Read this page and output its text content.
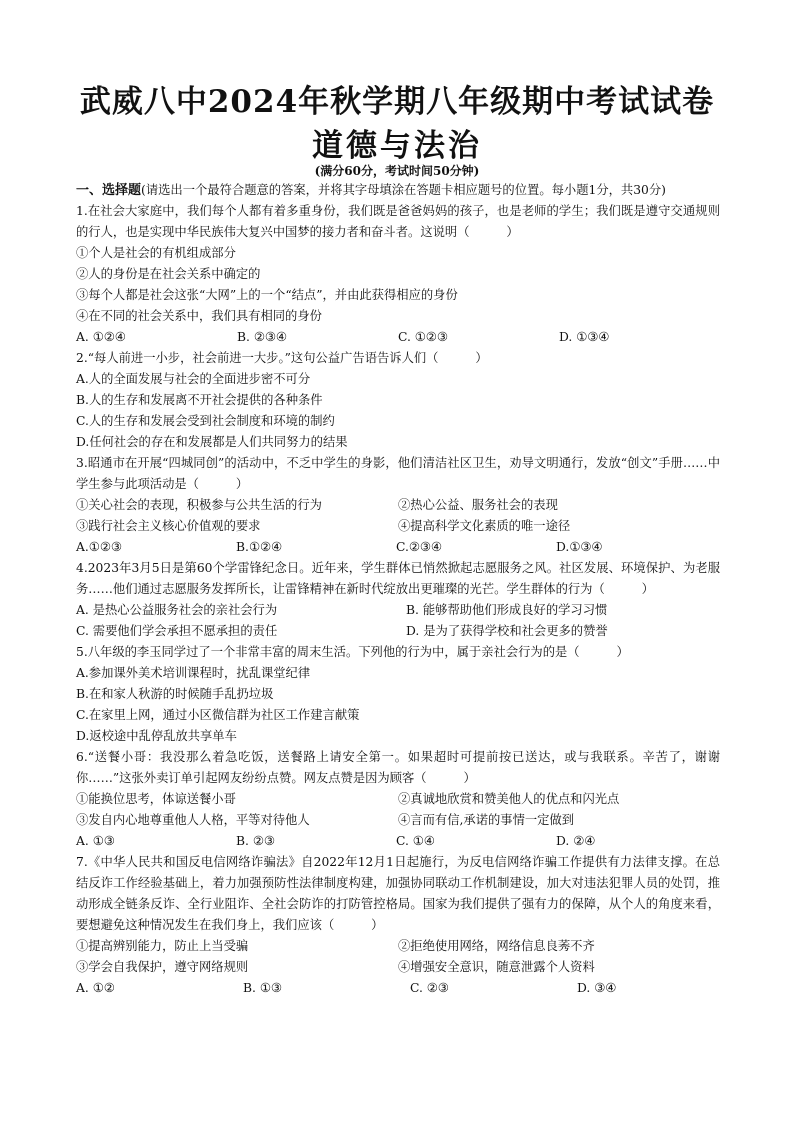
武威八中2024年秋学期八年级期中考试试卷
道德与法治
(满分60分，考试时间50分钟)

一、选择题(请选出一个最符合题意的答案，并将其字母填涂在答题卡相应题号的位置。每小题1分，共30分)

1.在社会大家庭中，我们每个人都有着多重身份，我们既是爸爸妈妈的孩子，也是老师的学生；我们既是遵守交通规则的行人，也是实现中华民族伟大复兴中国梦的接力者和奋斗者。这说明（　　　）

①个人是社会的有机组成部分

②人的身份是在社会关系中确定的

③每个人都是社会这张“大网”上的一个“结点”，并由此获得相应的身份

④在不同的社会关系中，我们具有相同的身份

A. ①②④	B. ②③④	C. ①②③	D. ①③④

2.“每人前进一小步，社会前进一大步。”这句公益广告语告诉人们（　　　）

A.人的全面发展与社会的全面进步密不可分

B.人的生存和发展离不开社会提供的各种条件

C.人的生存和发展会受到社会制度和环境的制约

D.任何社会的存在和发展都是人们共同努力的结果

3.昭通市在开展“四城同创”的活动中，不乏中学生的身影，他们清洁社区卫生，劝导文明通行，发放“创文”手册……中学生参与此项活动是（　　　）

①关心社会的表现，积极参与公共生活的行为	②热心公益、服务社会的表现
③践行社会主义核心价值观的要求	④提高科学文化素质的唯一途径
A.①②③	B.①②④	C.②③④	D.①③④

4.2023年3月5日是第60个学雷锋纪念日。近年来，学生群体已悄然掀起志愿服务之风。社区发展、环境保护、为老服务……他们通过志愿服务发挥所长，让雷锋精神在新时代绽放出更璀璨的光芒。学生群体的行为（　　　）

A. 是热心公益服务社会的亲社会行为	B. 能够帮助他们形成良好的学习习惯
C. 需要他们学会承担不愿承担的责任	D. 是为了获得学校和社会更多的赞誉

5.八年级的李玉同学过了一个非常丰富的周末生活。下列他的行为中，属于亲社会行为的是（　　　）

A.参加课外美术培训课程时，扰乱课堂纪律

B.在和家人秋游的时候随手乱扔垃圾

C.在家里上网，通过小区微信群为社区工作建言献策

D.返校途中乱停乱放共享单车

6.“送餐小哥：我没那么着急吃饭，送餐路上请安全第一。如果超时可提前按已送达，或与我联系。辛苦了，谢谢你……”这张外卖订单引起网友纷纷点赞。网友点赞是因为顾客（　　　）

①能换位思考，体谅送餐小哥	②真诚地欣赏和赞美他人的优点和闪光点
③发自内心地尊重他人人格，平等对待他人	④言而有信,承诺的事情一定做到
A. ①③	B. ②③	C. ①④	D. ②④

7.《中华人民共和国反电信网络诈骗法》自2022年12月1日起施行，为反电信网络诈骗工作提供有力法律支撑。在总结反诈工作经验基础上，着力加强预防性法律制度构建，加强协同联动工作机制建设，加大对违法犯罪人员的处罚，推动形成全链条反诈、全行业阻诈、全社会防诈的打防管控格局。国家为我们提供了强有力的保障，从个人的角度来看，要想避免这种情况发生在我们身上，我们应该（　　　）

①提高辨别能力，防止上当受骗	②拒绝使用网络，网络信息良莠不齐
③学会自我保护，遵守网络规则	④增强安全意识，随意泄露个人资料
A. ①②	B. ①③	C. ②③	D. ③④
